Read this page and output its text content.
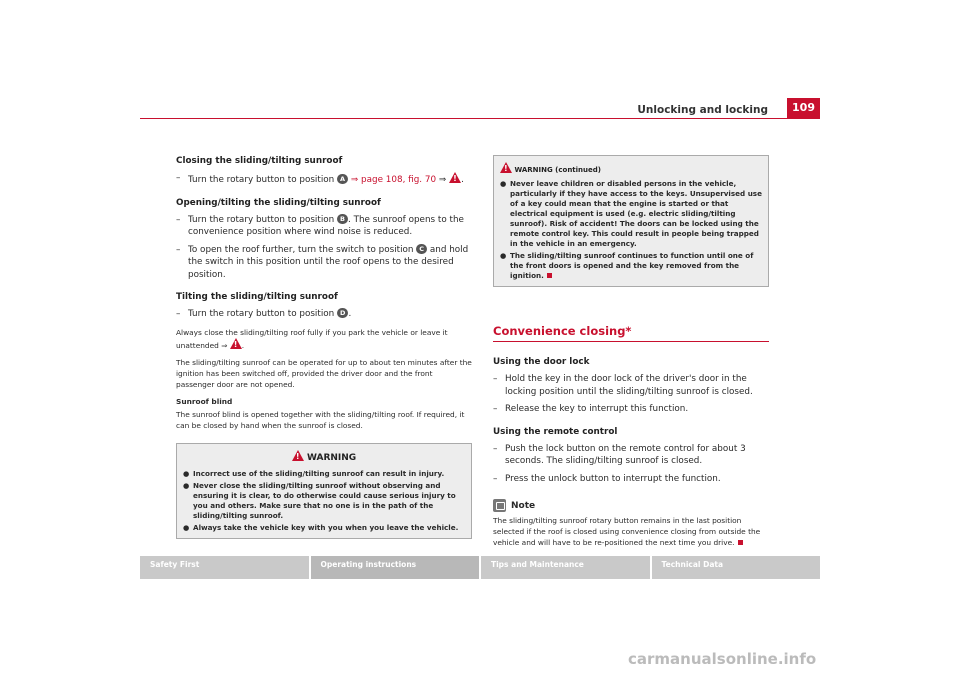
Unlocking and locking	109
Closing the sliding/tilting sunroof
– Turn the rotary button to position A ⇒ page 108, fig. 70 ⇒ ! .
Opening/tilting the sliding/tilting sunroof
– Turn the rotary button to position B . The sunroof opens to the convenience position where wind noise is reduced.
– To open the roof further, turn the switch to position C and hold the switch in this position until the roof opens to the desired position.
Tilting the sliding/tilting sunroof
– Turn the rotary button to position D .
Always close the sliding/tilting roof fully if you park the vehicle or leave it unattended ⇒ ! .
The sliding/tilting sunroof can be operated for up to about ten minutes after the ignition has been switched off, provided the driver door and the front passenger door are not opened.
Sunroof blind
The sunroof blind is opened together with the sliding/tilting roof. If required, it can be closed by hand when the sunroof is closed.
! WARNING
● Incorrect use of the sliding/tilting sunroof can result in injury.
● Never close the sliding/tilting sunroof without observing and ensuring it is clear, to do otherwise could cause serious injury to you and others. Make sure that no one is in the path of the sliding/tilting sunroof.
● Always take the vehicle key with you when you leave the vehicle.
! WARNING (continued)
● Never leave children or disabled persons in the vehicle, particularly if they have access to the keys. Unsupervised use of a key could mean that the engine is started or that electrical equipment is used (e.g. electric sliding/tilting sunroof). Risk of accident! The doors can be locked using the remote control key. This could result in people being trapped in the vehicle in an emergency.
● The sliding/tilting sunroof continues to function until one of the front doors is opened and the key removed from the ignition.
Convenience closing*
Using the door lock
– Hold the key in the door lock of the driver's door in the locking position until the sliding/tilting sunroof is closed.
– Release the key to interrupt this function.
Using the remote control
– Push the lock button on the remote control for about 3 seconds. The sliding/tilting sunroof is closed.
– Press the unlock button to interrupt the function.
Note
The sliding/tilting sunroof rotary button remains in the last position selected if the roof is closed using convenience closing from outside the vehicle and will have to be re-positioned the next time you drive.
Safety First	Operating instructions	Tips and Maintenance	Technical Data
carmanualsonline.info
